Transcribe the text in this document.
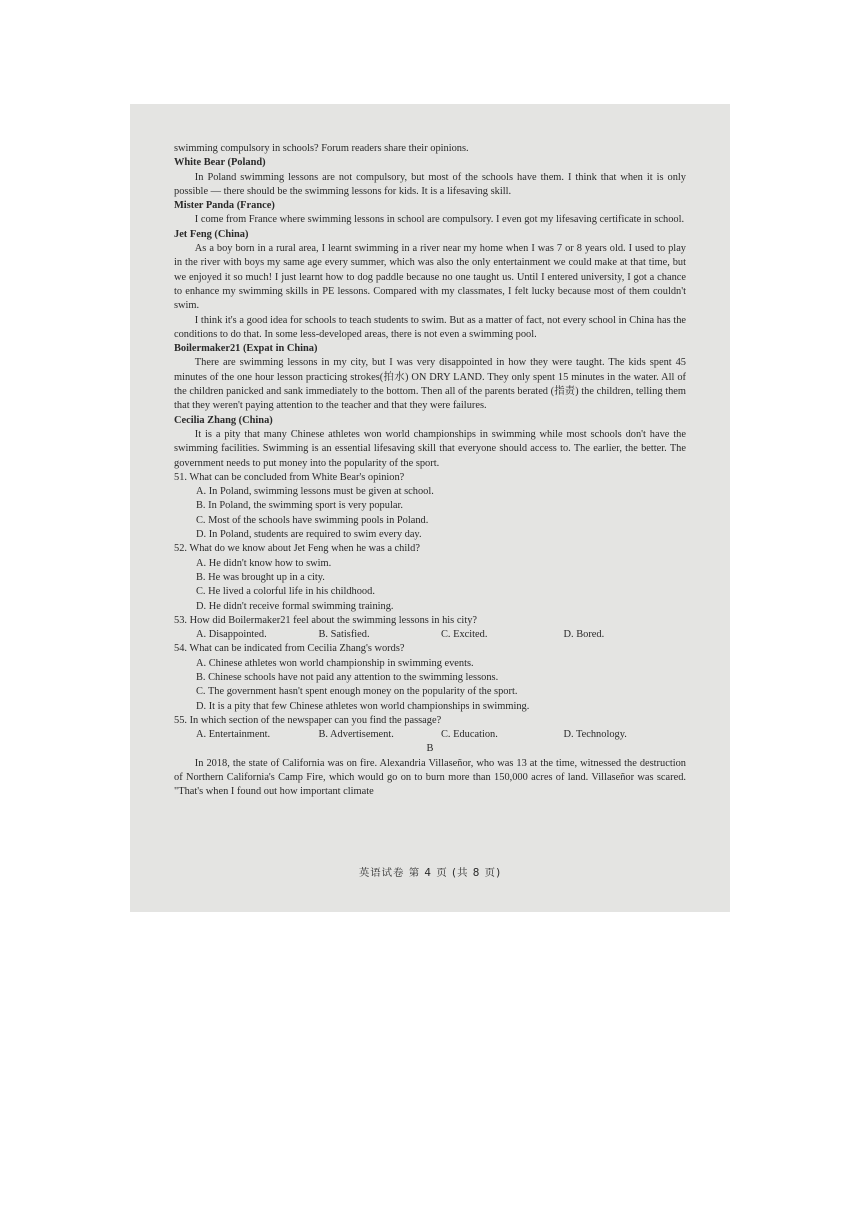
swimming compulsory in schools? Forum readers share their opinions.

White Bear (Poland)

In Poland swimming lessons are not compulsory, but most of the schools have them. I think that when it is only possible — there should be the swimming lessons for kids. It is a lifesaving skill.

Mister Panda (France)

I come from France where swimming lessons in school are compulsory. I even got my lifesaving certificate in school.

Jet Feng (China)

As a boy born in a rural area, I learnt swimming in a river near my home when I was 7 or 8 years old. I used to play in the river with boys my same age every summer, which was also the only entertainment we could make at that time, but we enjoyed it so much! I just learnt how to dog paddle because no one taught us. Until I entered university, I got a chance to enhance my swimming skills in PE lessons. Compared with my classmates, I felt lucky because most of them couldn't swim.

I think it's a good idea for schools to teach students to swim. But as a matter of fact, not every school in China has the conditions to do that. In some less-developed areas, there is not even a swimming pool.

Boilermaker21 (Expat in China)

There are swimming lessons in my city, but I was very disappointed in how they were taught. The kids spent 45 minutes of the one hour lesson practicing strokes(拍水) ON DRY LAND. They only spent 15 minutes in the water. All of the children panicked and sank immediately to the bottom. Then all of the parents berated (指责) the children, telling them that they weren't paying attention to the teacher and that they were failures.

Cecilia Zhang (China)

It is a pity that many Chinese athletes won world championships in swimming while most schools don't have the swimming facilities. Swimming is an essential lifesaving skill that everyone should access to. The earlier, the better. The government needs to put money into the popularity of the sport.

51. What can be concluded from White Bear's opinion?

A. In Poland, swimming lessons must be given at school.

B. In Poland, the swimming sport is very popular.

C. Most of the schools have swimming pools in Poland.

D. In Poland, students are required to swim every day.

52. What do we know about Jet Feng when he was a child?

A. He didn't know how to swim.

B. He was brought up in a city.

C. He lived a colorful life in his childhood.

D. He didn't receive formal swimming training.

53. How did Boilermaker21 feel about the swimming lessons in his city?

A. Disappointed.	B. Satisfied.	C. Excited.	D. Bored.

54. What can be indicated from Cecilia Zhang's words?

A. Chinese athletes won world championship in swimming events.

B. Chinese schools have not paid any attention to the swimming lessons.

C. The government hasn't spent enough money on the popularity of the sport.

D. It is a pity that few Chinese athletes won world championships in swimming.

55. In which section of the newspaper can you find the passage?

A. Entertainment.	B. Advertisement.	C. Education.	D. Technology.

B

In 2018, the state of California was on fire. Alexandria Villaseñor, who was 13 at the time, witnessed the destruction of Northern California's Camp Fire, which would go on to burn more than 150,000 acres of land. Villaseñor was scared. "That's when I found out how important climate

英语试卷 第 4 页 (共 8 页)
